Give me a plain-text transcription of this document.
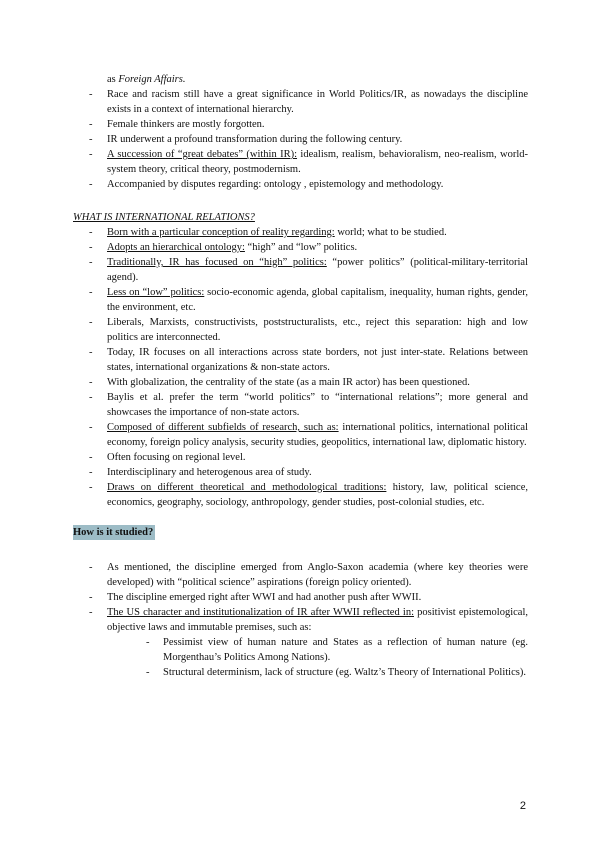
as Foreign Affairs.
- Race and racism still have a great significance in World Politics/IR, as nowadays the discipline exists in a context of international hierarchy.
- Female thinkers are mostly forgotten.
- IR underwent a profound transformation during the following century.
- A succession of “great debates” (within IR): idealism, realism, behavioralism, neo-realism, world-system theory, critical theory, postmodernism.
- Accompanied by disputes regarding: ontology , epistemology and methodology.
WHAT IS INTERNATIONAL RELATIONS?
- Born with a particular conception of reality regarding: world; what to be studied.
- Adopts an hierarchical ontology: “high” and “low” politics.
- Traditionally, IR has focused on “high” politics: “power politics” (political-military-territorial agend).
- Less on “low” politics: socio-economic agenda, global capitalism, inequality, human rights, gender, the environment, etc.
- Liberals, Marxists, constructivists, poststructuralists, etc., reject this separation: high and low politics are interconnected.
- Today, IR focuses on all interactions across state borders, not just inter-state. Relations between states, international organizations & non-state actors.
- With globalization, the centrality of the state (as a main IR actor) has been questioned.
- Baylis et al. prefer the term “world politics” to “international relations”; more general and showcases the importance of non-state actors.
- Composed of different subfields of research, such as: international politics, international political economy, foreign policy analysis, security studies, geopolitics, international law, diplomatic history.
- Often focusing on regional level.
- Interdisciplinary and heterogenous area of study.
- Draws on different theoretical and methodological traditions: history, law, political science, economics, geography, sociology, anthropology, gender studies, post-colonial studies, etc.
How is it studied?
- As mentioned, the discipline emerged from Anglo-Saxon academia (where key theories were developed) with “political science” aspirations (foreign policy oriented).
- The discipline emerged right after WWI and had another push after WWII.
- The US character and institutionalization of IR after WWII reflected in: positivist epistemological, objective laws and immutable premises, such as:
- Pessimist view of human nature and States as a reflection of human nature (eg. Morgenthau’s Politics Among Nations).
- Structural determinism, lack of structure (eg. Waltz’s Theory of International Politics).
2
